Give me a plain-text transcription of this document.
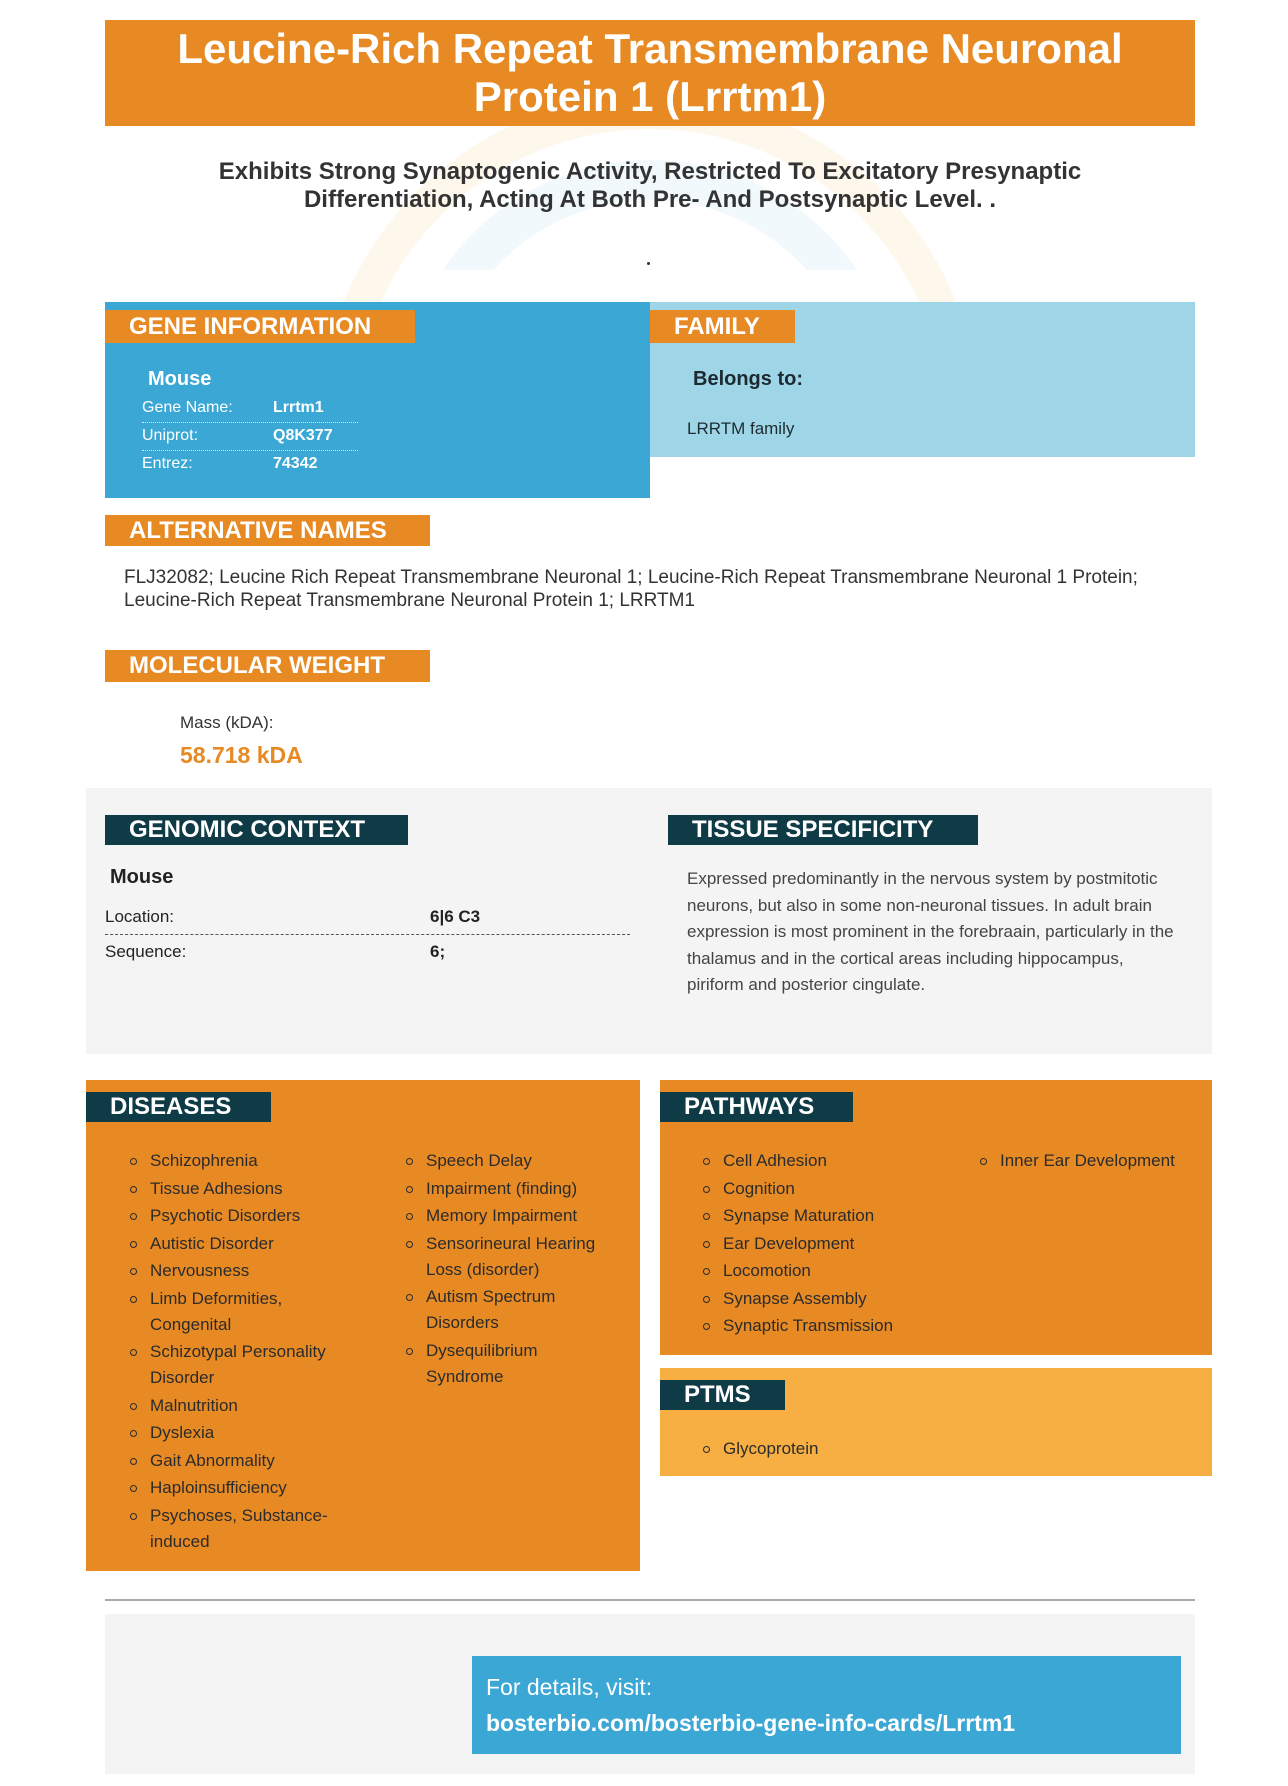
Leucine-Rich Repeat Transmembrane Neuronal
Protein 1 (Lrrtm1)
Exhibits Strong Synaptogenic Activity, Restricted To Excitatory Presynaptic
Differentiation, Acting At Both Pre- And Postsynaptic Level. .
GENE INFORMATION
Mouse
Gene Name:	Lrrtm1
Uniprot:	Q8K377
Entrez:	74342
FAMILY
Belongs to:
LRRTM family
ALTERNATIVE NAMES
FLJ32082; Leucine Rich Repeat Transmembrane Neuronal 1; Leucine-Rich Repeat Transmembrane Neuronal 1 Protein; Leucine-Rich Repeat Transmembrane Neuronal Protein 1; LRRTM1
MOLECULAR WEIGHT
Mass (kDA):
58.718 kDA
GENOMIC CONTEXT
Mouse
Location:	6|6 C3
Sequence:	6;
TISSUE SPECIFICITY
Expressed predominantly in the nervous system by postmitotic neurons, but also in some non-neuronal tissues. In adult brain expression is most prominent in the forebraain, particularly in the thalamus and in the cortical areas including hippocampus, piriform and posterior cingulate.
DISEASES
Schizophrenia
Tissue Adhesions
Psychotic Disorders
Autistic Disorder
Nervousness
Limb Deformities, Congenital
Schizotypal Personality Disorder
Malnutrition
Dyslexia
Gait Abnormality
Haploinsufficiency
Psychoses, Substance-induced
Speech Delay
Impairment (finding)
Memory Impairment
Sensorineural Hearing Loss (disorder)
Autism Spectrum Disorders
Dysequilibrium Syndrome
PATHWAYS
Cell Adhesion
Cognition
Synapse Maturation
Ear Development
Locomotion
Synapse Assembly
Synaptic Transmission
Inner Ear Development
PTMS
Glycoprotein
For details, visit:
bosterbio.com/bosterbio-gene-info-cards/Lrrtm1
